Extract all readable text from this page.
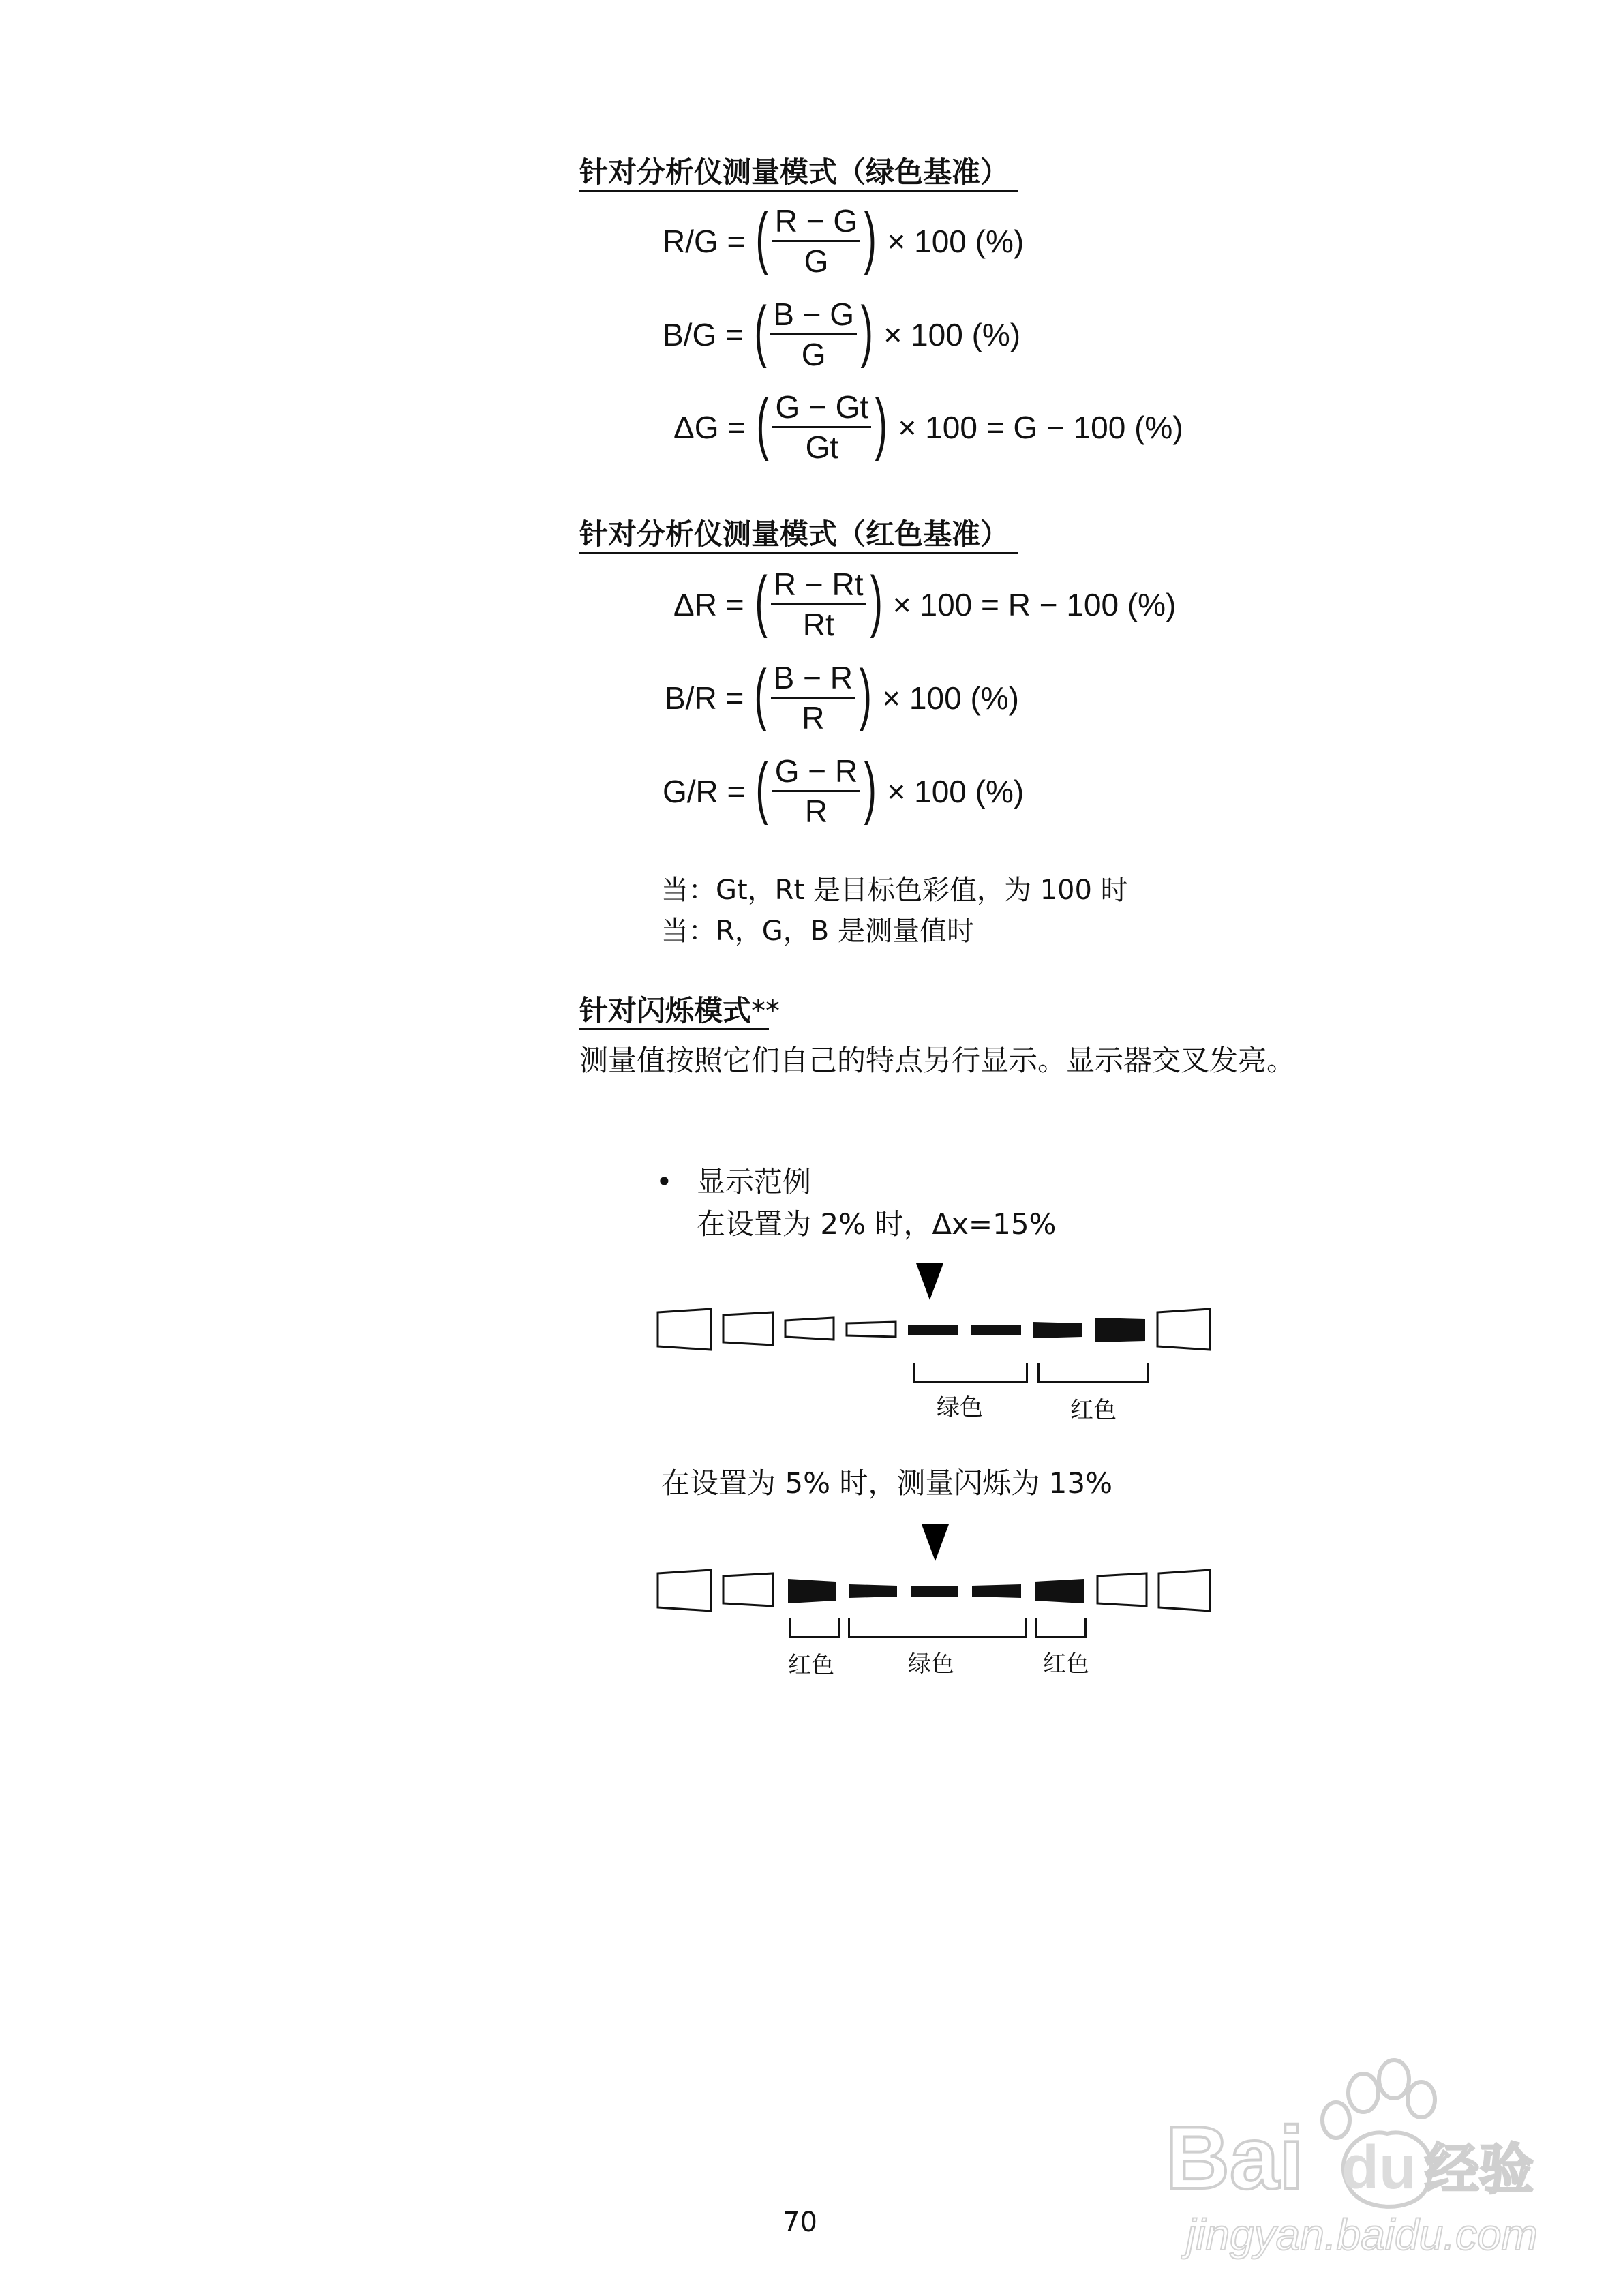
针对分析仪测量模式（绿色基准）
R/G = ( $\frac{R - G}{G}$ ) × 100 (%)
B/G = ( $\frac{B - G}{G}$ ) × 100 (%)
ΔG = ( $\frac{G - Gt}{Gt}$ ) × 100 = G − 100 (%)
针对分析仪测量模式（红色基准）
ΔR = ( $\frac{R - Rt}{Rt}$ ) × 100 = R − 100 (%)
B/R = ( $\frac{B - R}{R}$ ) × 100 (%)
G/R = ( $\frac{G - R}{R}$ ) × 100 (%)
当：Gt，Rt 是目标色彩值，为 100 时
当：R，G，B 是测量值时
针对闪烁模式**
测量值按照它们自己的特点另行显示。显示器交叉发亮。
• 显示范例
在设置为 2% 时，Δx=15%
绿色	红色
在设置为 5% 时，测量闪烁为 13%
红色	绿色	红色
Bai du 经验
jingyan.baidu.com
70
